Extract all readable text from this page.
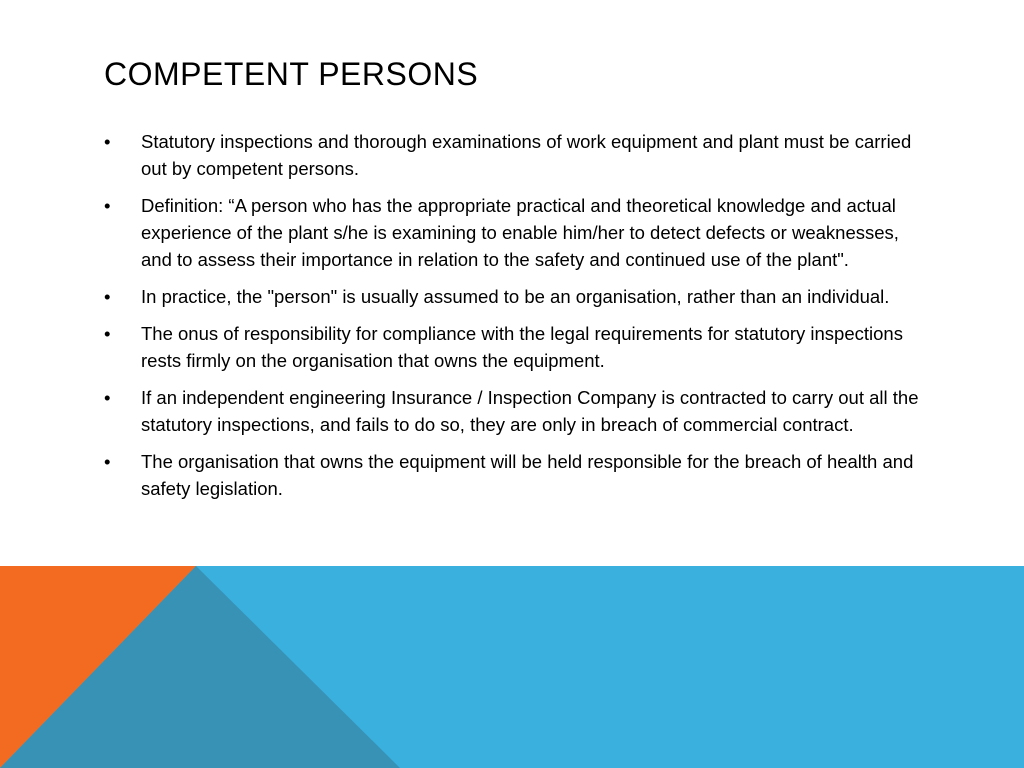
COMPETENT PERSONS
•	Statutory inspections and thorough examinations of work equipment and plant must be carried out by competent persons.
•	Definition: “A person who has the appropriate practical and theoretical knowledge and actual experience of the plant s/he is examining to enable him/her to detect defects or weaknesses, and to assess their importance in relation to the safety and continued use of the plant".
•	In practice, the "person" is usually assumed to be an organisation, rather than an individual.
•	The onus of responsibility for compliance with the legal requirements for statutory inspections rests firmly on the organisation that owns the equipment.
•	If an independent engineering Insurance / Inspection Company is contracted to carry out all the statutory inspections, and fails to do so, they are only in breach of commercial contract.
•	The organisation that owns the equipment will be held responsible for the breach of health and safety legislation.
